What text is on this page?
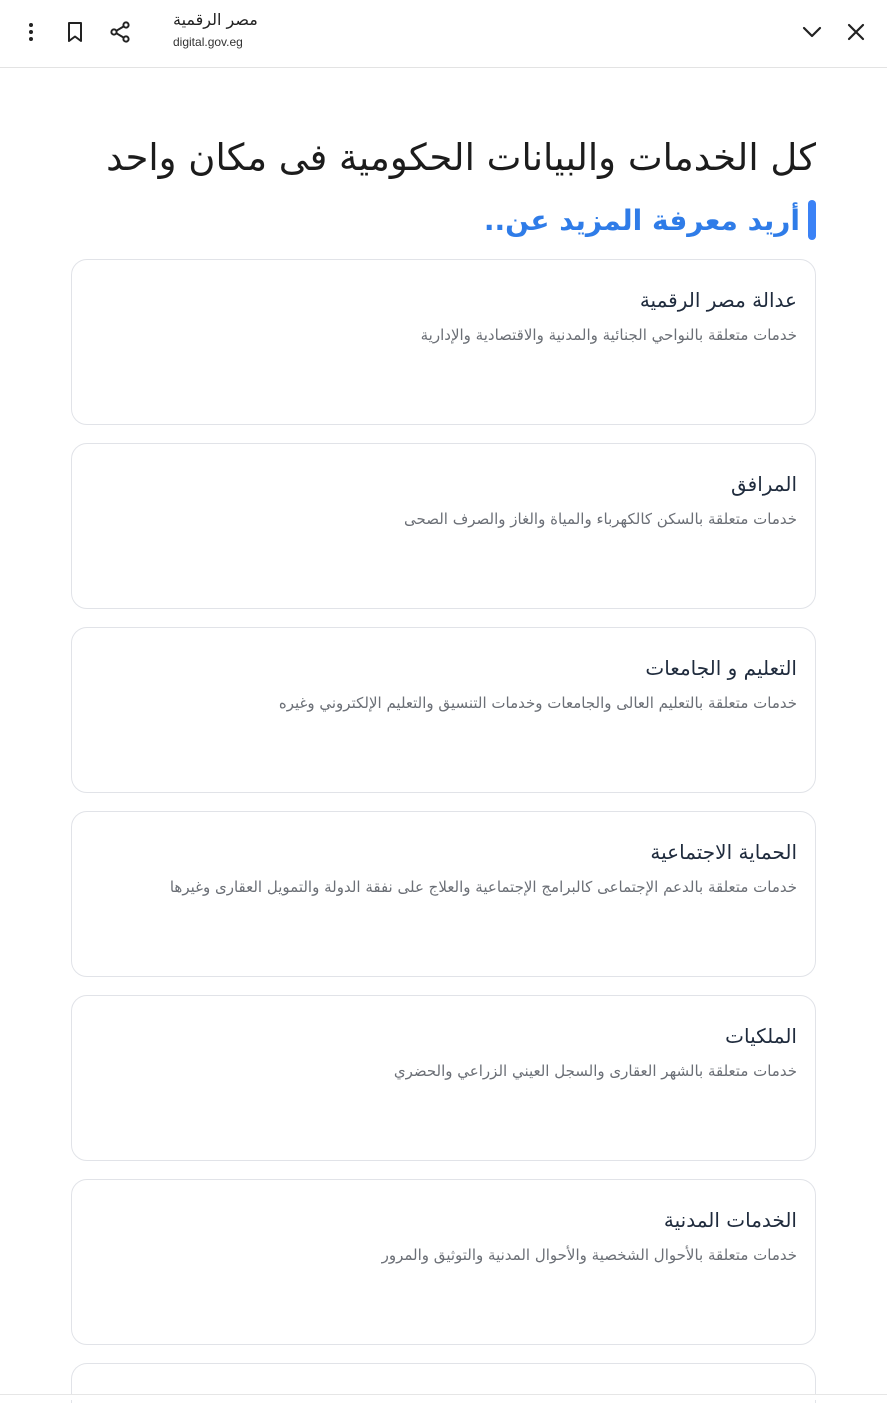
مصر الرقمية
digital.gov.eg
كل الخدمات والبيانات الحكومية فى مكان واحد
أريد معرفة المزيد عن..
عدالة مصر الرقمية
خدمات متعلقة بالنواحي الجنائية والمدنية والاقتصادية والإدارية
المرافق
خدمات متعلقة بالسكن كالكهرباء والمياة والغاز والصرف الصحى
التعليم و الجامعات
خدمات متعلقة بالتعليم العالى والجامعات وخدمات التنسيق والتعليم الإلكتروني وغيره
الحماية الاجتماعية
خدمات متعلقة بالدعم الإجتماعى كالبرامج الإجتماعية والعلاج على نفقة الدولة والتمويل العقارى وغيرها
الملكيات
خدمات متعلقة بالشهر العقارى والسجل العيني الزراعي والحضري
الخدمات المدنية
خدمات متعلقة بالأحوال الشخصية والأحوال المدنية والتوثيق والمرور
